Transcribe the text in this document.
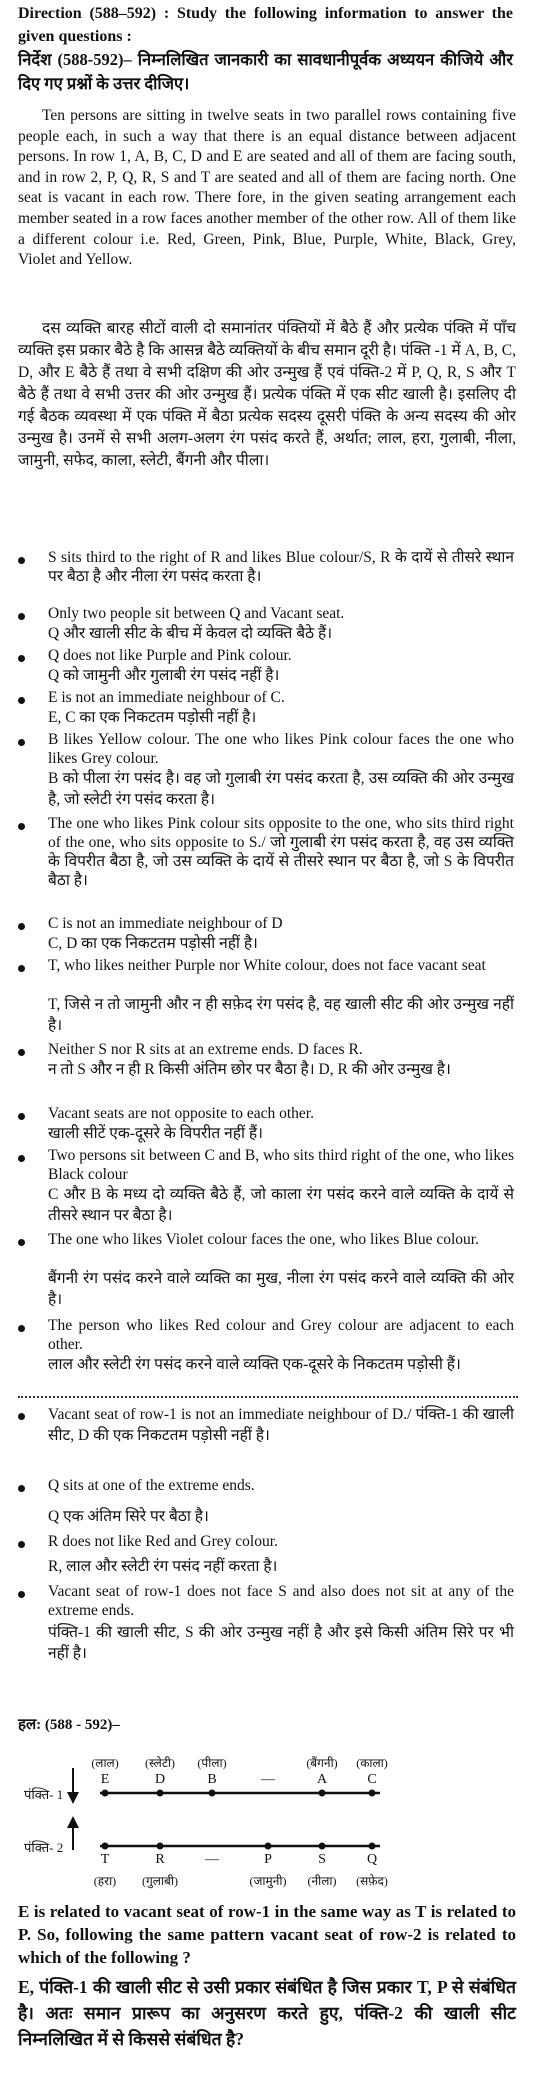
Direction (588–592) : Study the following information to answer the given questions :
निर्देश (588-592)– निम्नलिखित जानकारी का सावधानीपूर्वक अध्ययन कीजिये और दिए गए प्रश्नों के उत्तर दीजिए।
Ten persons are sitting in twelve seats in two parallel rows containing five people each, in such a way that there is an equal distance between adjacent persons. In row 1, A, B, C, D and E are seated and all of them are facing south, and in row 2, P, Q, R, S and T are seated and all of them are facing north. One seat is vacant in each row. There fore, in the given seating arrangement each member seated in a row faces another member of the other row. All of them like a different colour i.e. Red, Green, Pink, Blue, Purple, White, Black, Grey, Violet and Yellow.
दस व्यक्ति बारह सीटों वाली दो समानांतर पंक्तियों में बैठे हैं और प्रत्येक पंक्ति में पाँच व्यक्ति इस प्रकार बैठे है कि आसन्न बैठे व्यक्तियों के बीच समान दूरी है। पंक्ति -1 में A, B, C, D, और E बैठे हैं तथा वे सभी दक्षिण की ओर उन्मुख हैं एवं पंक्ति-2 में P, Q, R, S और T बैठे हैं तथा वे सभी उत्तर की ओर उन्मुख हैं। प्रत्येक पंक्ति में एक सीट खाली है। इसलिए दी गई बैठक व्यवस्था में एक पंक्ति में बैठा प्रत्येक सदस्य दूसरी पंक्ति के अन्य सदस्य की ओर उन्मुख है। उनमें से सभी अलग-अलग रंग पसंद करते हैं, अर्थात; लाल, हरा, गुलाबी, नीला, जामुनी, सफेद, काला, स्लेटी, बैंगनी और पीला।
S sits third to the right of R and likes Blue colour/S, R के दायें से तीसरे स्थान पर बैठा है और नीला रंग पसंद करता है।
Only two people sit between Q and Vacant seat.
Q और खाली सीट के बीच में केवल दो व्यक्ति बैठे हैं।
Q does not like Purple and Pink colour.
Q को जामुनी और गुलाबी रंग पसंद नहीं है।
E is not an immediate neighbour of C.
E, C का एक निकटतम पड़ोसी नहीं है।
B likes Yellow colour. The one who likes Pink colour faces the one who likes Grey colour.
B को पीला रंग पसंद है। वह जो गुलाबी रंग पसंद करता है, उस व्यक्ति की ओर उन्मुख है, जो स्लेटी रंग पसंद करता है।
The one who likes Pink colour sits opposite to the one, who sits third right of the one, who sits opposite to S./ जो गुलाबी रंग पसंद करता है, वह उस व्यक्ति के विपरीत बैठा है, जो उस व्यक्ति के दायें से तीसरे स्थान पर बैठा है, जो S के विपरीत बैठा है।
C is not an immediate neighbour of D
C, D का एक निकटतम पड़ोसी नहीं है।
T, who likes neither Purple nor White colour, does not face vacant seat
T, जिसे न तो जामुनी और न ही सफ़ेद रंग पसंद है, वह खाली सीट की ओर उन्मुख नहीं है।
Neither S nor R sits at an extreme ends. D faces R.
न तो S और न ही R किसी अंतिम छोर पर बैठा है। D, R की ओर उन्मुख है।
Vacant seats are not opposite to each other.
खाली सीटें एक-दूसरे के विपरीत नहीं हैं।
Two persons sit between C and B, who sits third right of the one, who likes Black colour
C और B के मध्य दो व्यक्ति बैठे हैं, जो काला रंग पसंद करने वाले व्यक्ति के दायें से तीसरे स्थान पर बैठा है।
The one who likes Violet colour faces the one, who likes Blue colour.
बैंगनी रंग पसंद करने वाले व्यक्ति का मुख, नीला रंग पसंद करने वाले व्यक्ति की ओर है।
The person who likes Red colour and Grey colour are adjacent to each other.
लाल और स्लेटी रंग पसंद करने वाले व्यक्ति एक-दूसरे के निकटतम पड़ोसी हैं।
Vacant seat of row-1 is not an immediate neighbour of D./ पंक्ति-1 की खाली सीट, D की एक निकटतम पड़ोसी नहीं है।
Q sits at one of the extreme ends.
Q एक अंतिम सिरे पर बैठा है।
R does not like Red and Grey colour.
R, लाल और स्लेटी रंग पसंद नहीं करता है।
Vacant seat of row-1 does not face S and also does not sit at any of the extreme ends.
पंक्ति-1 की खाली सीट, S की ओर उन्मुख नहीं है और इसे किसी अंतिम सिरे पर भी नहीं है।
हल: (588 - 592)–
पंक्ति- 1
पंक्ति- 2
E is related to vacant seat of row-1 in the same way as T is related to P. So, following the same pattern vacant seat of row-2 is related to which of the following ?
E, पंक्ति-1 की खाली सीट से उसी प्रकार संबंधित है जिस प्रकार T, P से संबंधित है। अतः समान प्रारूप का अनुसरण करते हुए, पंक्ति-2 की खाली सीट निम्नलिखित में से किससे संबंधित है?
E
(लाल)
D
(स्लेटी)
B
(पीला)
—	A
(बैंगनी)
C
(काला)
T
(हरा)
R
(गुलाबी)
—	P
(जामुनी)
S
(नीला)
Q
(सफ़ेद)
